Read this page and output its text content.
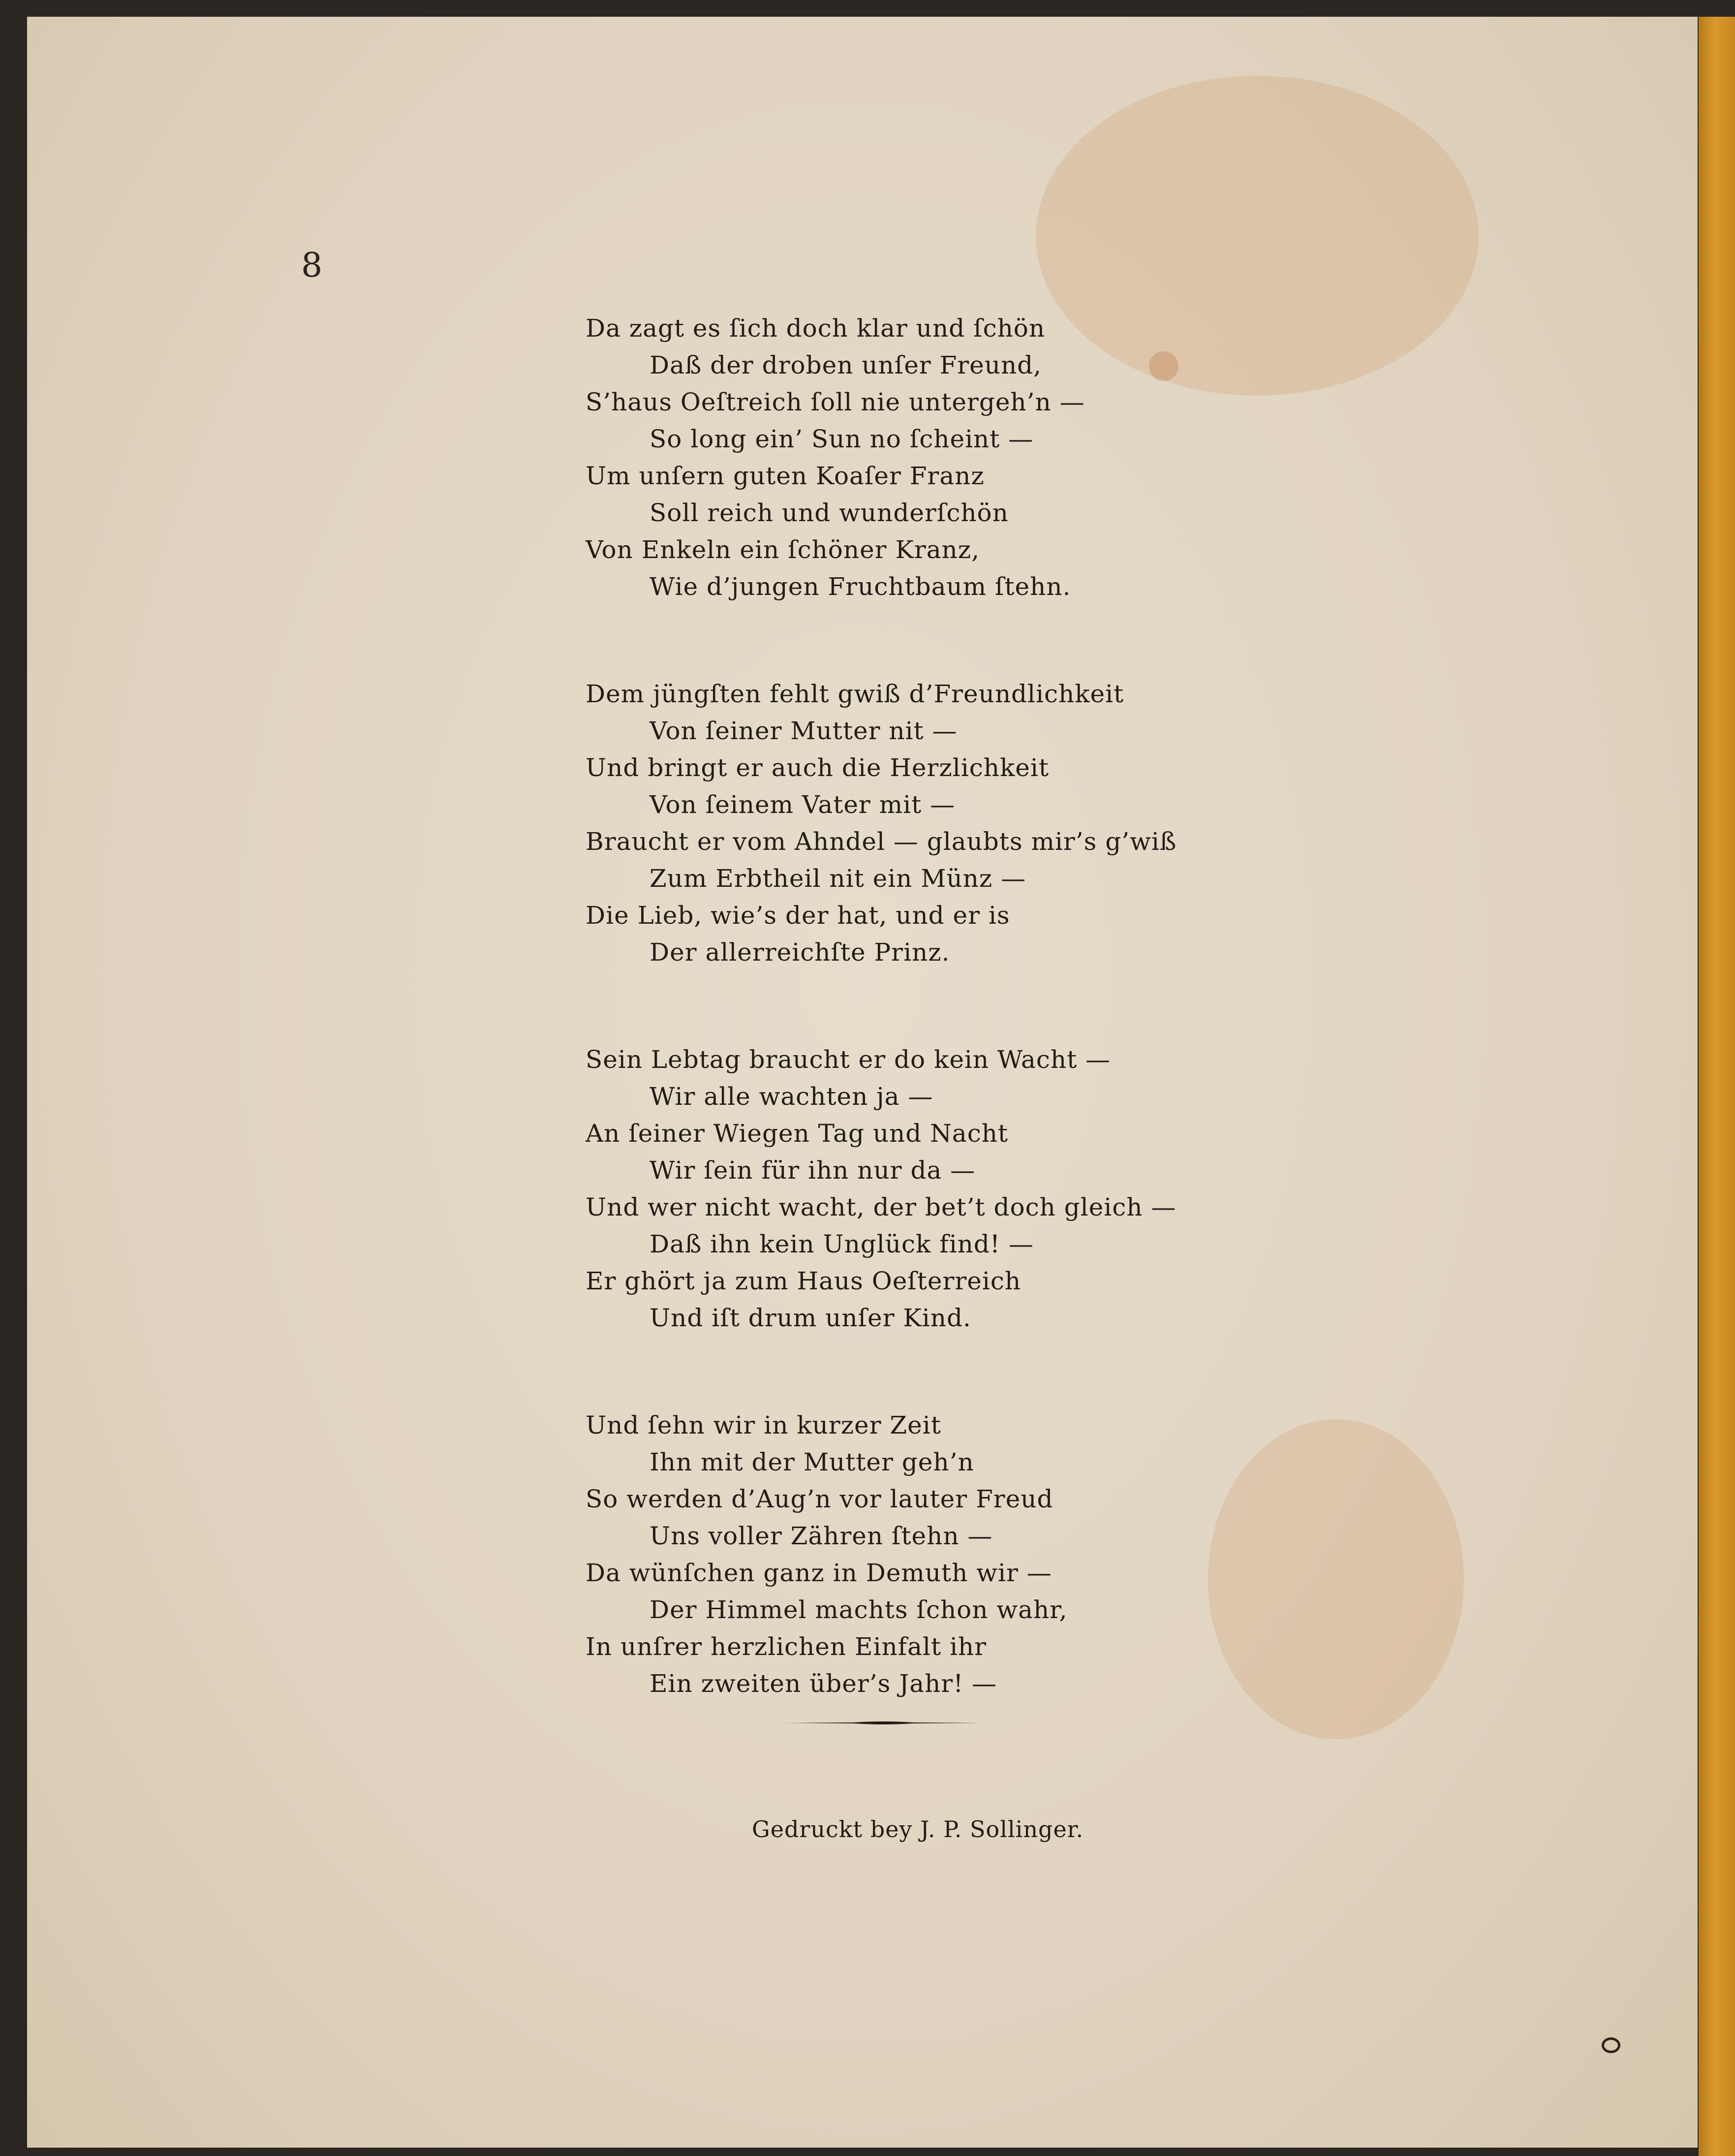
8
Da zagt es ſich doch klar und ſchön
Daß der droben unſer Freund,
S’haus Oeſtreich ſoll nie untergeh’n —
So long ein’ Sun no ſcheint —
Um unſern guten Koaſer Franz
Soll reich und wunderſchön
Von Enkeln ein ſchöner Kranz,
Wie d’jungen Fruchtbaum ſtehn.
Dem jüngſten fehlt gwiß d’Freundlichkeit
Von ſeiner Mutter nit —
Und bringt er auch die Herzlichkeit
Von ſeinem Vater mit —
Braucht er vom Ahndel — glaubts mir’s g’wiß
Zum Erbtheil nit ein Münz —
Die Lieb, wie’s der hat, und er is
Der allerreichſte Prinz.
Sein Lebtag braucht er do kein Wacht —
Wir alle wachten ja —
An ſeiner Wiegen Tag und Nacht
Wir ſein für ihn nur da —
Und wer nicht wacht, der bet’t doch gleich —
Daß ihn kein Unglück find! —
Er ghört ja zum Haus Oeſterreich
Und iſt drum unſer Kind.
Und ſehn wir in kurzer Zeit
Ihn mit der Mutter geh’n
So werden d’Aug’n vor lauter Freud
Uns voller Zähren ſtehn —
Da wünſchen ganz in Demuth wir —
Der Himmel machts ſchon wahr,
In unſrer herzlichen Einfalt ihr
Ein zweiten über’s Jahr! —
Gedruckt bey J. P. Sollinger.
